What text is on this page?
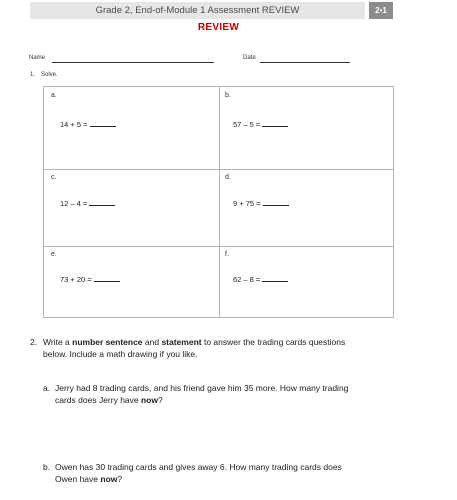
Grade 2, End-of-Module 1 Assessment REVIEW	2•1
REVIEW
Name	Date
1. Solve.
a.
14 + 5 =
b.
57 – 5 =
c.
12 – 4 =
d.
9 + 75 =
e.
73 + 20 =
f.
62 – 8 =
2. Write a number sentence and statement to answer the trading cards questions
below. Include a math drawing if you like.
a. Jerry had 8 trading cards, and his friend gave him 35 more. How many trading
cards does Jerry have now?
b. Owen has 30 trading cards and gives away 6. How many trading cards does
Owen have now?
